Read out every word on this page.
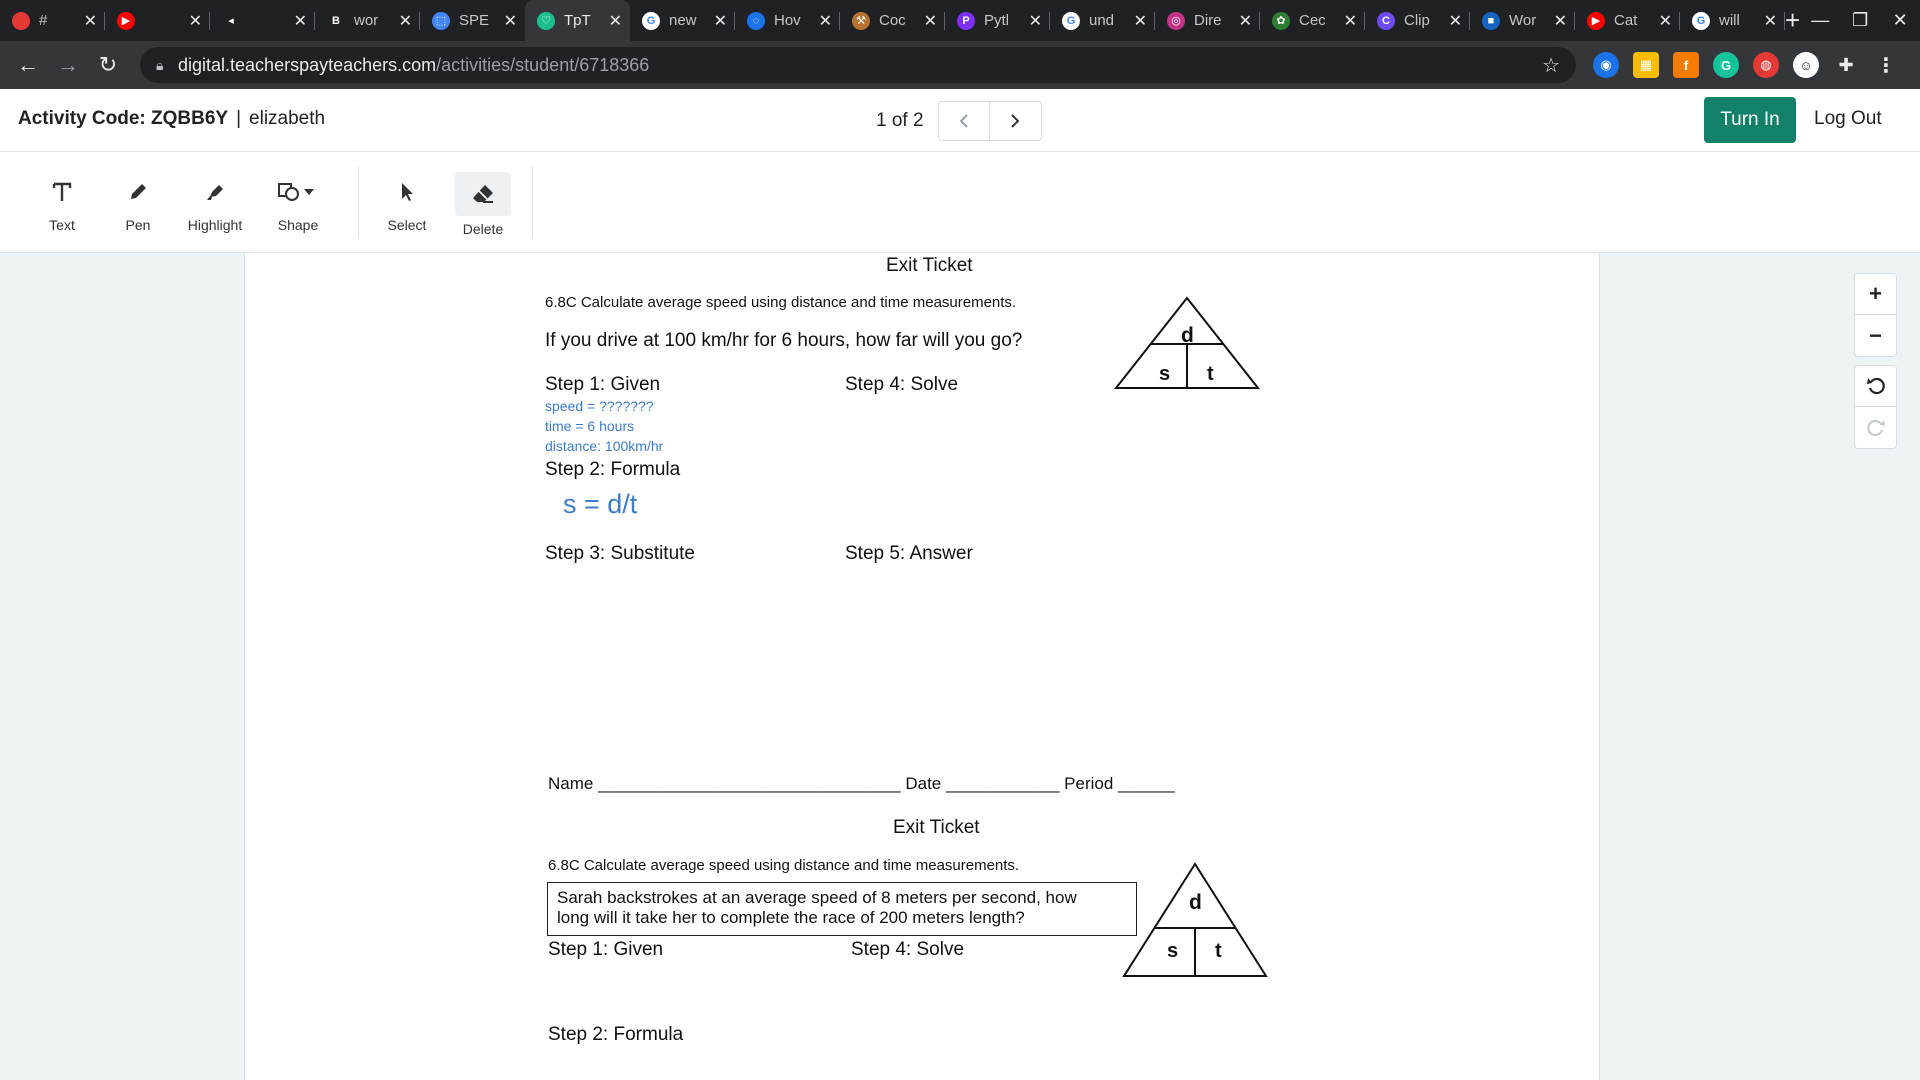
#	✕	▶	✕	◂	✕	B wor	✕	⬚ SPE ✕	♡ TpT	✕	G new	✕	◌ Hov	✕	⚒ Coc	✕	P Pytl	✕	G und	✕	◎ Dire	✕	✿ Cec	✕	C Clip	✕	■ Wor	✕	▶ Cat	✕	G will	✕ + —	❐	✕
← → ↻	🔒︎ digital.teacherspayteachers.com /activities/student/6718366	☆	◉	▦	f	G	◍	☺	✚ ⋮
Activity Code: ZQBB6Y | elizabeth	1 of 2	Turn In	Log Out
Text	Pen	Highlight	Shape	Select	Delete
Exit Ticket
6.8C Calculate average speed using distance and time measurements.
If you drive at 100 km/hr for 6 hours, how far will you go?
Step 1: Given	Step 4: Solve
Step 2: Formula
Step 3: Substitute	Step 5: Answer
d
s t
speed = ???????
time = 6 hours
distance: 100km/hr
s = d/t
Name ________________________________ Date ____________ Period ______
Exit Ticket
6.8C Calculate average speed using distance and time measurements.
Sarah backstrokes at an average speed of 8 meters per second, how
long will it take her to complete the race of 200 meters length?
Step 1: Given	Step 4: Solve
Step 2: Formula
d
s t
+
−
